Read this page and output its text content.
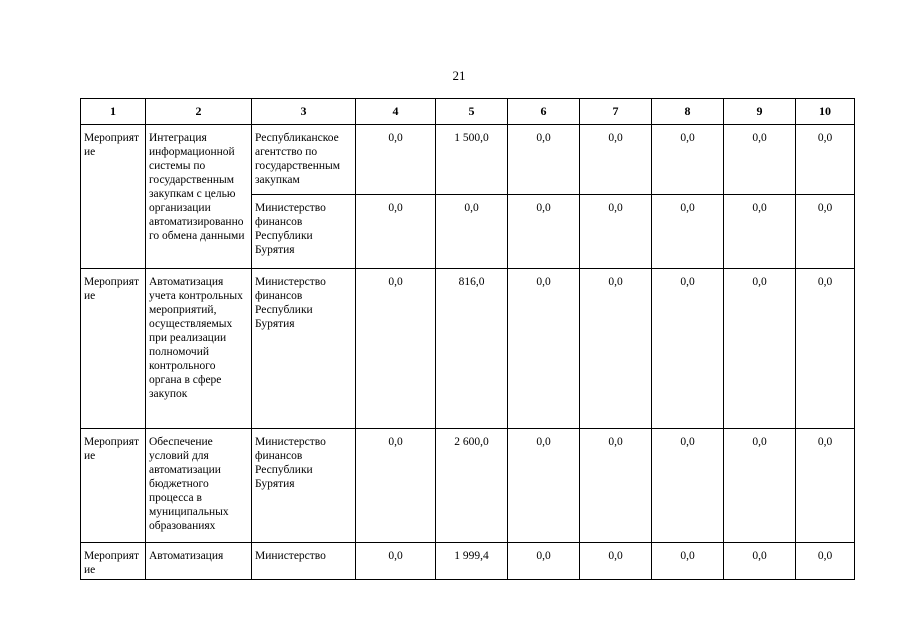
21
1	2	3	4	5	6	7	8	9	10
Мероприятие	Интеграция информационной системы по государственным закупкам с целью организации автоматизированного обмена данными	Республиканское агентство по государственным закупкам	0,0	1 500,0	0,0	0,0	0,0	0,0	0,0
		Министерство финансов Республики Бурятия	0,0	0,0	0,0	0,0	0,0	0,0	0,0
Мероприятие	Автоматизация учета контрольных мероприятий, осуществляемых при реализации полномочий контрольного органа в сфере закупок	Министерство финансов Республики Бурятия	0,0	816,0	0,0	0,0	0,0	0,0	0,0
Мероприятие	Обеспечение условий для автоматизации бюджетного процесса в муниципальных образованиях	Министерство финансов Республики Бурятия	0,0	2 600,0	0,0	0,0	0,0	0,0	0,0
Мероприятие	Автоматизация	Министерство	0,0	1 999,4	0,0	0,0	0,0	0,0	0,0
